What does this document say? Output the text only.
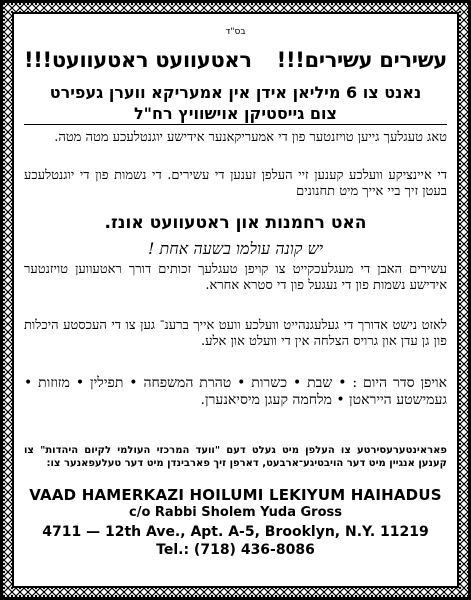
בס"ד
עשירים עשירים!!!
ראטעוועט ראטעוועט!!!
נאנט צו 6 מיליאן אידן אין אמעריקא ווערן געפירט
צום גייסטיקן אוישוויץ רח"ל
טאג טעגלעך גייען טויזנטער פון די אמעריקאנער אידישע יוגנטלעכע מטה מטה.
די איינציקע וועלכע קענען זיי העלפן זענען די עשירים. די נשמות פון די יוגנטלעכע בעטן זיך ביי אייך מיט תחנונים
האט רחמנות און ראטעוועט אונז.
יש קונה עולמו בשעה אחת !
עשירים האבן די מעגלעכקייט צו קויפן טעגלעך זכותים דורך ראטעווען טויזנטער אידישע נשמות פון די נעגעל פון די סטרא אחרא.
לאזט נישט אדורך די געלעגנהייט וועלכע וועט אייך ברענ־ גען צו די העכסטע היכלות פון גן עדן און גרויס הצלחה אין די וועלט און אלע.
אויפן סדר היום : • שבת • כשרות • טהרת המשפחה • תפילין • מזוזות • געמישטע הייראטן • מלחמה קעגן מיסיאנערן.
פאראינטערעסירטע צו העלפן מיט געלט דעם "וועד המרכזי העולמי לקיום היהדות" צו קענען אנגיין מיט דער הויבטיגע־ארבעט, דארפן זיך פארבינדן מיט דער טעלעפאנער צו:
VAAD HAMERKAZI HOILUMI LEKIYUM HAIHADUS
c/o Rabbi Sholem Yuda Gross
4711 — 12th Ave., Apt. A-5, Brooklyn, N.Y. 11219
Tel.: (718) 436-8086
